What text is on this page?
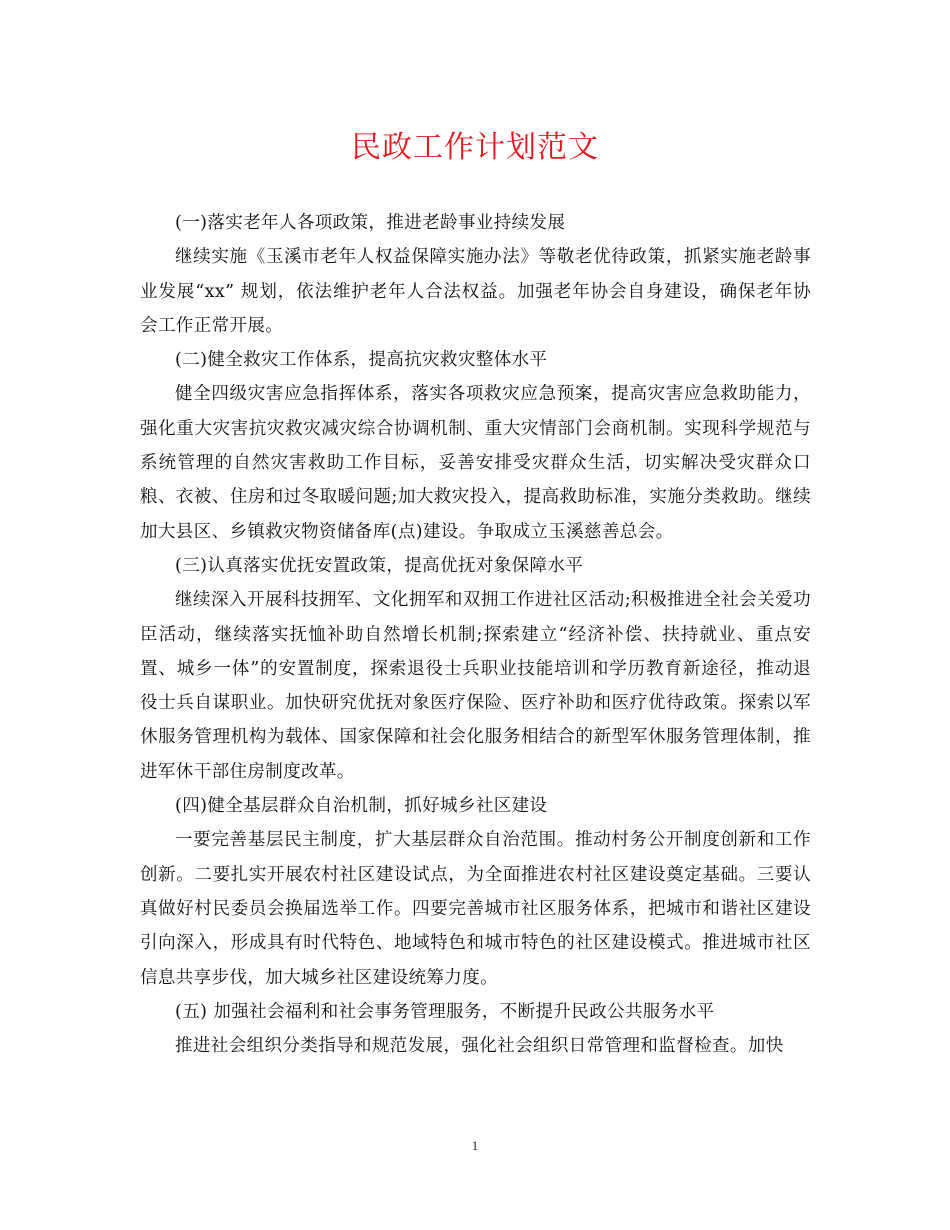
民政工作计划范文

(一)落实老年人各项政策，推进老龄事业持续发展

继续实施《玉溪市老年人权益保障实施办法》等敬老优待政策，抓紧实施老龄事业发展“xx” 规划，依法维护老年人合法权益。加强老年协会自身建设，确保老年协会工作正常开展。

(二)健全救灾工作体系，提高抗灾救灾整体水平

健全四级灾害应急指挥体系，落实各项救灾应急预案，提高灾害应急救助能力，强化重大灾害抗灾救灾减灾综合协调机制、重大灾情部门会商机制。实现科学规范与系统管理的自然灾害救助工作目标，妥善安排受灾群众生活，切实解决受灾群众口粮、衣被、住房和过冬取暖问题;加大救灾投入，提高救助标准，实施分类救助。继续加大县区、乡镇救灾物资储备库(点)建设。争取成立玉溪慈善总会。

(三)认真落实优抚安置政策，提高优抚对象保障水平

继续深入开展科技拥军、文化拥军和双拥工作进社区活动;积极推进全社会关爱功臣活动，继续落实抚恤补助自然增长机制;探索建立“经济补偿、扶持就业、重点安置、城乡一体”的安置制度，探索退役士兵职业技能培训和学历教育新途径，推动退役士兵自谋职业。加快研究优抚对象医疗保险、医疗补助和医疗优待政策。探索以军休服务管理机构为载体、国家保障和社会化服务相结合的新型军休服务管理体制，推进军休干部住房制度改革。

(四)健全基层群众自治机制，抓好城乡社区建设

一要完善基层民主制度，扩大基层群众自治范围。推动村务公开制度创新和工作创新。二要扎实开展农村社区建设试点，为全面推进农村社区建设奠定基础。三要认真做好村民委员会换届选举工作。四要完善城市社区服务体系，把城市和谐社区建设引向深入，形成具有时代特色、地域特色和城市特色的社区建设模式。推进城市社区信息共享步伐，加大城乡社区建设统筹力度。

(五) 加强社会福利和社会事务管理服务，不断提升民政公共服务水平

推进社会组织分类指导和规范发展，强化社会组织日常管理和监督检查。加快

1
